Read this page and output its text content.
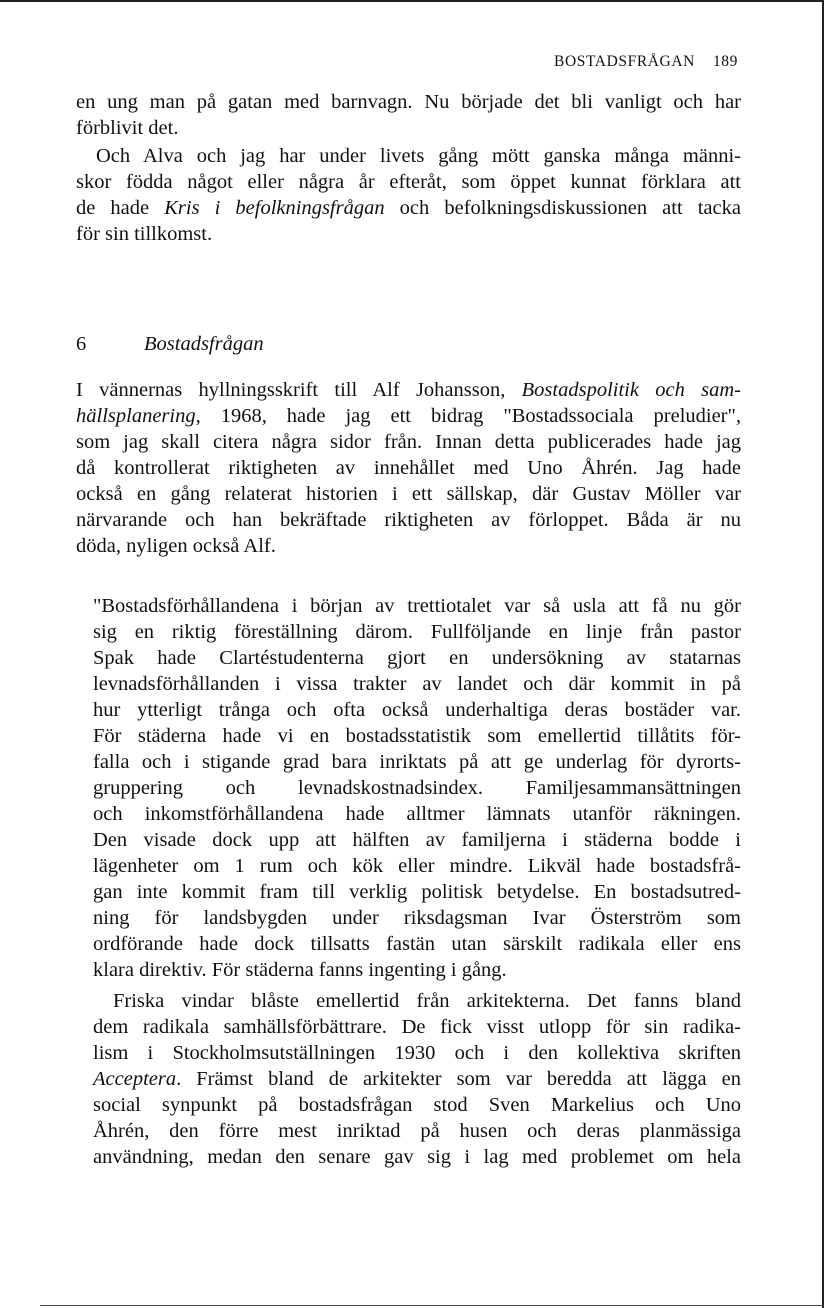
BOSTADSFRÅGAN 189
en ung man på gatan med barnvagn. Nu började det bli vanligt och har
förblivit det.
Och Alva och jag har under livets gång mött ganska många männi-
skor födda något eller några år efteråt, som öppet kunnat förklara att
de hade Kris i befolkningsfrågan och befolkningsdiskussionen att tacka
för sin tillkomst.
6	Bostadsfrågan
I vännernas hyllningsskrift till Alf Johansson, Bostadspolitik och sam-
hällsplanering, 1968, hade jag ett bidrag "Bostadssociala preludier",
som jag skall citera några sidor från. Innan detta publicerades hade jag
då kontrollerat riktigheten av innehållet med Uno Åhrén. Jag hade
också en gång relaterat historien i ett sällskap, där Gustav Möller var
närvarande och han bekräftade riktigheten av förloppet. Båda är nu
döda, nyligen också Alf.
"Bostadsförhållandena i början av trettiotalet var så usla att få nu gör
sig en riktig föreställning därom. Fullföljande en linje från pastor
Spak hade Clartéstudenterna gjort en undersökning av statarnas
levnadsförhållanden i vissa trakter av landet och där kommit in på
hur ytterligt trånga och ofta också underhaltiga deras bostäder var.
För städerna hade vi en bostadsstatistik som emellertid tillåtits för-
falla och i stigande grad bara inriktats på att ge underlag för dyrorts-
gruppering och levnadskostnadsindex. Familjesammansättningen
och inkomstförhållandena hade alltmer lämnats utanför räkningen.
Den visade dock upp att hälften av familjerna i städerna bodde i
lägenheter om 1 rum och kök eller mindre. Likväl hade bostadsfrå-
gan inte kommit fram till verklig politisk betydelse. En bostadsutred-
ning för landsbygden under riksdagsman Ivar Österström som
ordförande hade dock tillsatts fastän utan särskilt radikala eller ens
klara direktiv. För städerna fanns ingenting i gång.
Friska vindar blåste emellertid från arkitekterna. Det fanns bland
dem radikala samhällsförbättrare. De fick visst utlopp för sin radika-
lism i Stockholmsutställningen 1930 och i den kollektiva skriften
Acceptera. Främst bland de arkitekter som var beredda att lägga en
social synpunkt på bostadsfrågan stod Sven Markelius och Uno
Åhrén, den förre mest inriktad på husen och deras planmässiga
användning, medan den senare gav sig i lag med problemet om hela
